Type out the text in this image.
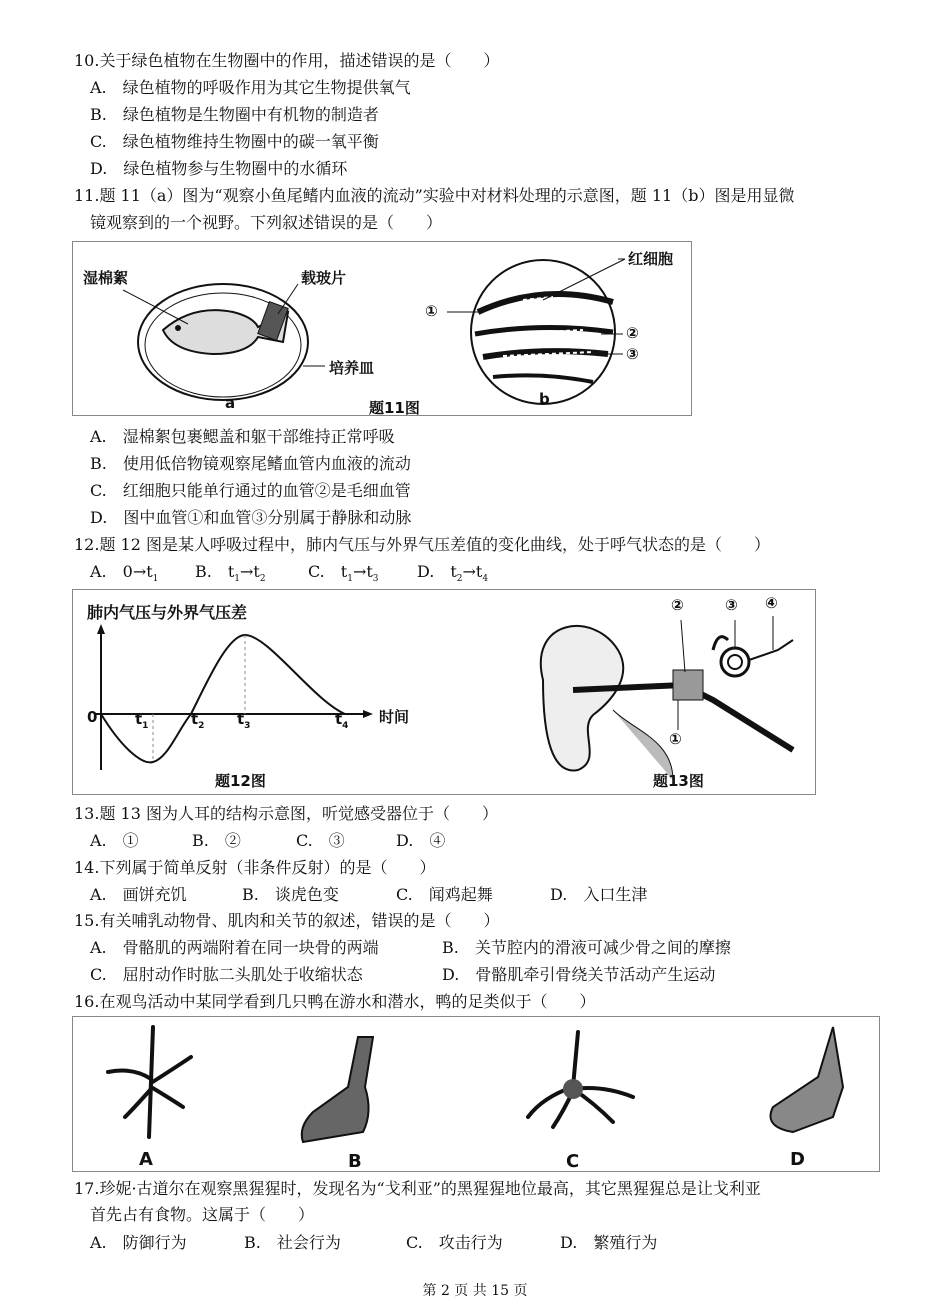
10.关于绿色植物在生物圈中的作用，描述错误的是（　　）
A.　绿色植物的呼吸作用为其它生物提供氧气
B.　绿色植物是生物圈中有机物的制造者
C.　绿色植物维持生物圈中的碳一氧平衡
D.　绿色植物参与生物圈中的水循环
11.题 11（a）图为“观察小鱼尾鳍内血液的流动”实验中对材料处理的示意图，题 11（b）图是用显微
镜观察到的一个视野。下列叙述错误的是（　　）
湿棉絮	载玻片
培养皿
a	b
红细胞
①
②
③
题11图
A.　湿棉絮包裹鳃盖和躯干部维持正常呼吸
B.　使用低倍物镜观察尾鳍血管内血液的流动
C.　红细胞只能单行通过的血管②是毛细血管
D.　图中血管①和血管③分别属于静脉和动脉
12.题 12 图是某人呼吸过程中，肺内气压与外界气压差值的变化曲线，处于呼气状态的是（　　）
A.　$0\to t_1$ B.　$t_1\to t_2$	C.　$t_1\to t_3$ D.　$t_2\to t_4$
肺内气压与外界气压差
时间
0	$t_1$	$t_2$ $t_3$	$t_4$
题12图
②	③ ④
①
题13图
13.题 13 图为人耳的结构示意图，听觉感受器位于（　　）
A.　①	B.　②	C.　③	D.　④
14.下列属于简单反射（非条件反射）的是（　　）
A.　画饼充饥	B.　谈虎色变	C.　闻鸡起舞	D.　入口生津
15.有关哺乳动物骨、肌肉和关节的叙述，错误的是（　　）
A.　骨骼肌的两端附着在同一块骨的两端	B.　关节腔内的滑液可减少骨之间的摩擦
C.　屈肘动作时肱二头肌处于收缩状态	D.　骨骼肌牵引骨绕关节活动产生运动
16.在观鸟活动中某同学看到几只鸭在游水和潜水，鸭的足类似于（　　）
A	B	C	D
17.珍妮·古道尔在观察黑猩猩时，发现名为“戈利亚”的黑猩猩地位最高，其它黑猩猩总是让戈利亚
首先占有食物。这属于（　　）
A.　防御行为	B.　社会行为	C.　攻击行为	D.　繁殖行为
第 2 页 共 15 页
